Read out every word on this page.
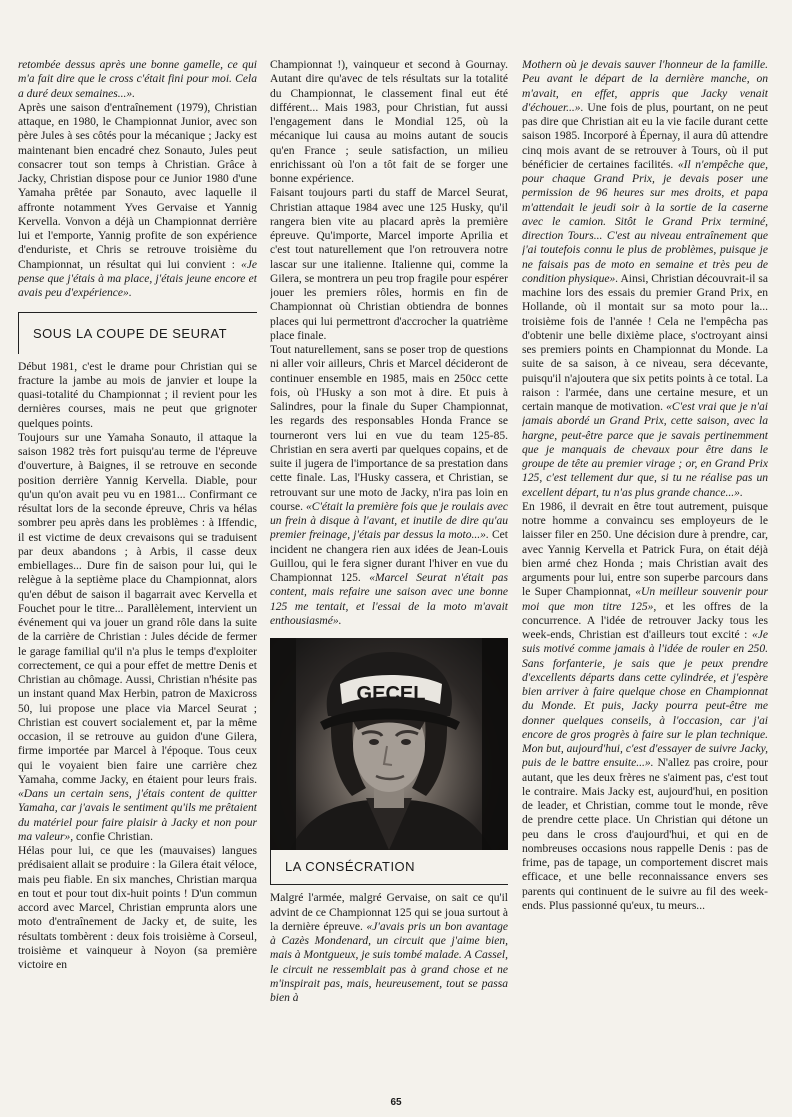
retombée dessus après une bonne gamelle, ce qui m'a fait dire que le cross c'était fini pour moi. Cela a duré deux semaines...».

Après une saison d'entraînement (1979), Christian attaque, en 1980, le Championnat Junior, avec son père Jules à ses côtés pour la mécanique ; Jacky est maintenant bien encadré chez Sonauto, Jules peut consacrer tout son temps à Christian. Grâce à Jacky, Christian dispose pour ce Junior 1980 d'une Yamaha prêtée par Sonauto, avec laquelle il affronte notamment Yves Gervaise et Yannig Kervella. Vonvon a déjà un Championnat derrière lui et l'emporte, Yannig profite de son expérience d'enduriste, et Chris se retrouve troisième du Championnat, un résultat qui lui convient : «Je pense que j'étais à ma place, j'étais jeune encore et avais peu d'expérience».

SOUS LA COUPE DE SEURAT

Début 1981, c'est le drame pour Christian qui se fracture la jambe au mois de janvier et loupe la quasi-totalité du Championnat ; il revient pour les dernières courses, mais ne peut que grignoter quelques points.

Toujours sur une Yamaha Sonauto, il attaque la saison 1982 très fort puisqu'au terme de l'épreuve d'ouverture, à Baignes, il se retrouve en seconde position derrière Yannig Kervella. Diable, pour qu'un qu'on avait peu vu en 1981... Confirmant ce résultat lors de la seconde épreuve, Chris va hélas sombrer peu après dans les problèmes : à Iffendic, il est victime de deux crevaisons qui se traduisent par deux abandons ; à Arbis, il casse deux embiellages... Dure fin de saison pour lui, qui le relègue à la septième place du Championnat, alors qu'en début de saison il bagarrait avec Kervella et Fouchet pour le titre... Parallèlement, intervient un événement qui va jouer un grand rôle dans la suite de la carrière de Christian : Jules décide de fermer le garage familial qu'il n'a plus le temps d'exploiter correctement, ce qui a pour effet de mettre Denis et Christian au chômage. Aussi, Christian n'hésite pas un instant quand Max Herbin, patron de Maxicross 50, lui propose une place via Marcel Seurat ; Christian est couvert socialement et, par la même occasion, il se retrouve au guidon d'une Gilera, firme importée par Marcel à l'époque. Tous ceux qui le voyaient bien faire une carrière chez Yamaha, comme Jacky, en étaient pour leurs frais. «Dans un certain sens, j'étais content de quitter Yamaha, car j'avais le sentiment qu'ils me prêtaient du matériel pour faire plaisir à Jacky et non pour ma valeur», confie Christian.

Hélas pour lui, ce que les (mauvaises) langues prédisaient allait se produire : la Gilera était véloce, mais peu fiable. En six manches, Christian marqua en tout et pour tout dix-huit points ! D'un commun accord avec Marcel, Christian emprunta alors une moto d'entraînement de Jacky et, de suite, les résultats tombèrent : deux fois troisième à Corseul, troisième et vainqueur à Noyon (sa première victoire en

Championnat !), vainqueur et second à Gournay. Autant dire qu'avec de tels résultats sur la totalité du Championnat, le classement final eut été différent... Mais 1983, pour Christian, fut aussi l'engagement dans le Mondial 125, où la mécanique lui causa au moins autant de soucis qu'en France ; seule satisfaction, un milieu enrichissant où l'on a tôt fait de se forger une bonne expérience.

Faisant toujours parti du staff de Marcel Seurat, Christian attaque 1984 avec une 125 Husky, qu'il rangera bien vite au placard après la première épreuve. Qu'importe, Marcel importe Aprilia et c'est tout naturellement que l'on retrouvera notre lascar sur une italienne. Italienne qui, comme la Gilera, se montrera un peu trop fragile pour espérer jouer les premiers rôles, hormis en fin de Championnat où Christian obtiendra de bonnes places qui lui permettront d'accrocher la quatrième place finale.

Tout naturellement, sans se poser trop de questions ni aller voir ailleurs, Chris et Marcel décideront de continuer ensemble en 1985, mais en 250cc cette fois, où l'Husky a son mot à dire. Et puis à Salindres, pour la finale du Super Championnat, les regards des responsables Honda France se tourneront vers lui en vue du team 125-85. Christian en sera averti par quelques copains, et de suite il jugera de l'importance de sa prestation dans cette finale. Las, l'Husky cassera, et Christian, se retrouvant sur une moto de Jacky, n'ira pas loin en course. «C'était la première fois que je roulais avec un frein à disque à l'avant, et inutile de dire qu'au premier freinage, j'étais par dessus la moto...». Cet incident ne changera rien aux idées de Jean-Louis Guillou, qui le fera signer durant l'hiver en vue du Championnat 125. «Marcel Seurat n'était pas content, mais refaire une saison avec une bonne 125 me tentait, et l'essai de la moto m'avait enthousiasmé».

GECEL
LA CONSÉCRATION

Malgré l'armée, malgré Gervaise, on sait ce qu'il advint de ce Championnat 125 qui se joua surtout à la dernière épreuve. «J'avais pris un bon avantage à Cazès Mondenard, un circuit que j'aime bien, mais à Montgueux, je suis tombé malade. A Cassel, le circuit ne ressemblait pas à grand chose et ne m'inspirait pas, mais, heureusement, tout se passa bien à

Mothern où je devais sauver l'honneur de la famille. Peu avant le départ de la dernière manche, on m'avait, en effet, appris que Jacky venait d'échouer...». Une fois de plus, pourtant, on ne peut pas dire que Christian ait eu la vie facile durant cette saison 1985. Incorporé à Épernay, il aura dû attendre cinq mois avant de se retrouver à Tours, où il put bénéficier de certaines facilités. «Il n'empêche que, pour chaque Grand Prix, je devais poser une permission de 96 heures sur mes droits, et papa m'attendait le jeudi soir à la sortie de la caserne avec le camion. Sitôt le Grand Prix terminé, direction Tours... C'est au niveau entraînement que j'ai toutefois connu le plus de problèmes, puisque je ne faisais pas de moto en semaine et très peu de condition physique». Ainsi, Christian découvrait-il sa machine lors des essais du premier Grand Prix, en Hollande, où il montait sur sa moto pour la... troisième fois de l'année ! Cela ne l'empêcha pas d'obtenir une belle dixième place, s'octroyant ainsi ses premiers points en Championnat du Monde. La suite de sa saison, à ce niveau, sera décevante, puisqu'il n'ajoutera que six petits points à ce total. La raison : l'armée, dans une certaine mesure, et un certain manque de motivation. «C'est vrai que je n'ai jamais abordé un Grand Prix, cette saison, avec la hargne, peut-être parce que je savais pertinemment que je manquais de chevaux pour être dans le groupe de tête au premier virage ; or, en Grand Prix 125, c'est tellement dur que, si tu ne réalise pas un excellent départ, tu n'as plus grande chance...».

En 1986, il devrait en être tout autrement, puisque notre homme a convaincu ses employeurs de le laisser filer en 250. Une décision dure à prendre, car, avec Yannig Kervella et Patrick Fura, on était déjà bien armé chez Honda ; mais Christian avait des arguments pour lui, entre son superbe parcours dans le Super Championnat, «Un meilleur souvenir pour moi que mon titre 125», et les offres de la concurrence. A l'idée de retrouver Jacky tous les week-ends, Christian est d'ailleurs tout excité : «Je suis motivé comme jamais à l'idée de rouler en 250. Sans forfanterie, je sais que je peux prendre d'excellents départs dans cette cylindrée, et j'espère bien arriver à faire quelque chose en Championnat du Monde. Et puis, Jacky pourra peut-être me donner quelques conseils, à l'occasion, car j'ai encore de gros progrès à faire sur le plan technique. Mon but, aujourd'hui, c'est d'essayer de suivre Jacky, puis de le battre ensuite...». N'allez pas croire, pour autant, que les deux frères ne s'aiment pas, c'est tout le contraire. Mais Jacky est, aujourd'hui, en position de leader, et Christian, comme tout le monde, rêve de prendre cette place. Un Christian qui détone un peu dans le cross d'aujourd'hui, et qui en de nombreuses occasions nous rappelle Denis : pas de frime, pas de tapage, un comportement discret mais efficace, et une belle reconnaissance envers ses parents qui continuent de le suivre au fil des week-ends. Plus passionné qu'eux, tu meurs...

65
